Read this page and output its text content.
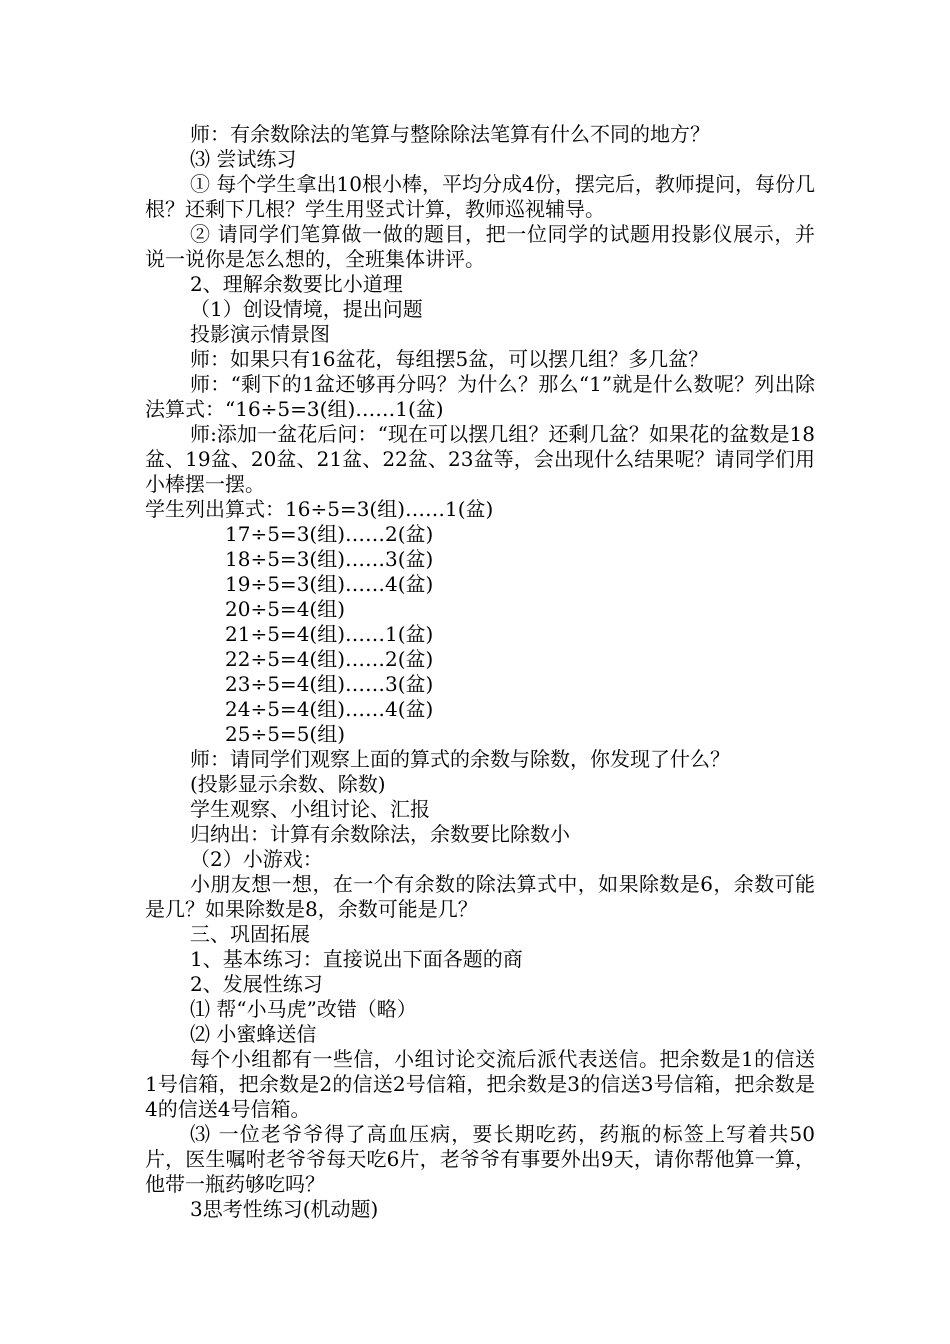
师：有余数除法的笔算与整除除法笔算有什么不同的地方？

⑶ 尝试练习

① 每个学生拿出10根小棒，平均分成4份，摆完后，教师提问，每份几根？还剩下几根？学生用竖式计算，教师巡视辅导。

② 请同学们笔算做一做的题目，把一位同学的试题用投影仪展示，并说一说你是怎么想的，全班集体讲评。

2、理解余数要比小道理

（1）创设情境，提出问题

投影演示情景图

师：如果只有16盆花，每组摆5盆，可以摆几组？多几盆？

师：“剩下的1盆还够再分吗？为什么？那么“1”就是什么数呢？列出除法算式：“16÷5=3(组)……1(盆)

师:添加一盆花后问：“现在可以摆几组？还剩几盆？如果花的盆数是18盆、19盆、20盆、21盆、22盆、23盆等，会出现什么结果呢？请同学们用小棒摆一摆。

学生列出算式：16÷5=3(组)……1(盆)

17÷5=3(组)……2(盆)

18÷5=3(组)……3(盆)

19÷5=3(组)……4(盆)

20÷5=4(组)

21÷5=4(组)……1(盆)

22÷5=4(组)……2(盆)

23÷5=4(组)……3(盆)

24÷5=4(组)……4(盆)

25÷5=5(组)

师：请同学们观察上面的算式的余数与除数，你发现了什么？

(投影显示余数、除数)

学生观察、小组讨论、汇报

归纳出：计算有余数除法，余数要比除数小

（2）小游戏：

小朋友想一想，在一个有余数的除法算式中，如果除数是6，余数可能是几？如果除数是8，余数可能是几？

三、巩固拓展

1、基本练习：直接说出下面各题的商

2、发展性练习

⑴ 帮“小马虎”改错（略）

⑵ 小蜜蜂送信

每个小组都有一些信，小组讨论交流后派代表送信。把余数是1的信送1号信箱，把余数是2的信送2号信箱，把余数是3的信送3号信箱，把余数是4的信送4号信箱。

⑶ 一位老爷爷得了高血压病，要长期吃药，药瓶的标签上写着共50片，医生嘱咐老爷爷每天吃6片，老爷爷有事要外出9天，请你帮他算一算，他带一瓶药够吃吗？

3思考性练习(机动题)
